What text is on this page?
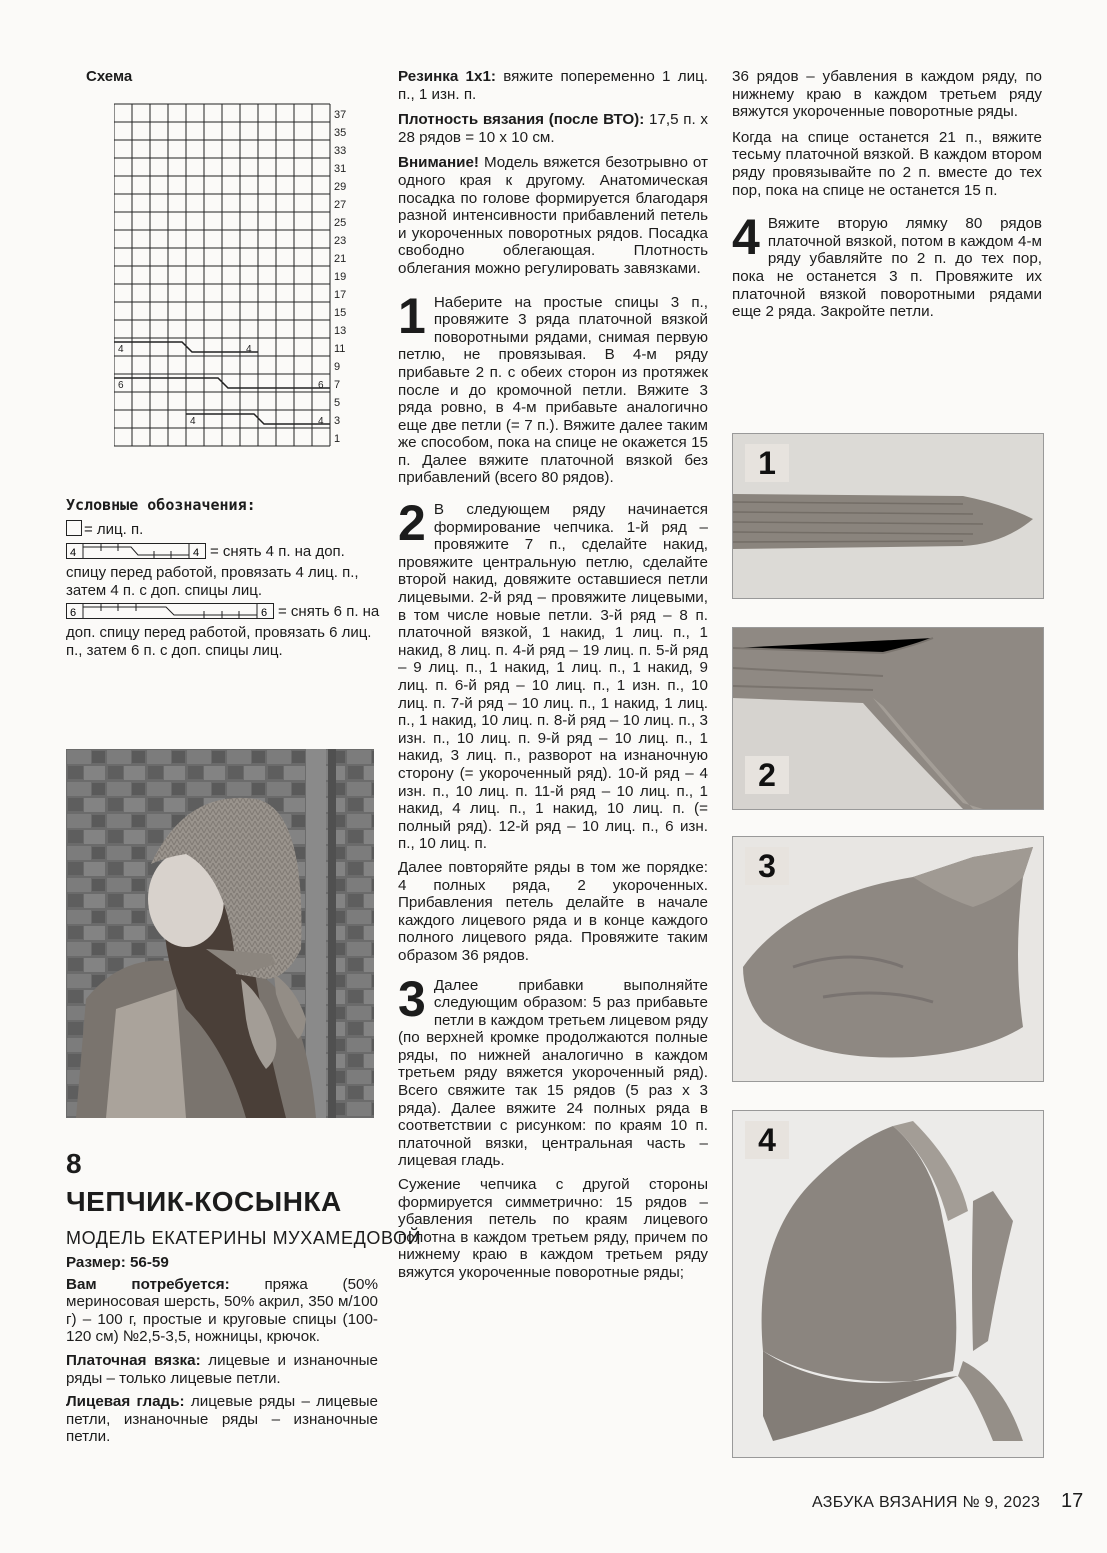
Схема
37
35
33
31
29
27
25
23
21
19
17
15
13
11
9
7
5
3
1
4	4
6	6
4	4
Условные обозначения:
= лиц. п.
4	4 = снять 4 п. на доп. спицу перед работой, провязать 4 лиц. п., затем 4 п. с доп. спицы лиц.
6	6 = снять 6 п. на доп. спицу перед работой, провязать 6 лиц. п., затем 6 п. с доп. спицы лиц.
8
ЧЕПЧИК-КОСЫНКА
МОДЕЛЬ ЕКАТЕРИНЫ МУХАМЕДОВОЙ

Размер: 56-59

Вам потребуется: пряжа (50% мериносовая шерсть, 50% акрил, 350 м/100 г) – 100 г, простые и круговые спицы (100-120 см) №2,5-3,5, ножницы, крючок.

Платочная вязка: лицевые и изнаночные ряды – только лицевые петли.

Лицевая гладь: лицевые ряды – лицевые петли, изнаночные ряды – изнаночные петли.

Резинка 1x1: вяжите попеременно 1 лиц. п., 1 изн. п.

Плотность вязания (после ВТО): 17,5 п. х 28 рядов = 10 х 10 см.

Внимание! Модель вяжется безотрывно от одного края к другому. Анатомическая посадка по голове формируется благодаря разной интенсивности прибавлений петель и укороченных поворотных рядов. Посадка свободно облегающая. Плотность облегания можно регулировать завязками.

1 Наберите на простые спицы 3 п., провяжите 3 ряда платочной вязкой поворотными рядами, снимая первую петлю, не провязывая. В 4-м ряду прибавьте 2 п. с обеих сторон из протяжек после и до кромочной петли. Вяжите 3 ряда ровно, в 4-м прибавьте аналогично еще две петли (= 7 п.). Вяжите далее таким же способом, пока на спице не окажется 15 п. Далее вяжите платочной вязкой без прибавлений (всего 80 рядов).

2 В следующем ряду начинается формирование чепчика. 1-й ряд – провяжите 7 п., сделайте накид, провяжите центральную петлю, сделайте второй накид, довяжите оставшиеся петли лицевыми. 2-й ряд – провяжите лицевыми, в том числе новые петли. 3-й ряд – 8 п. платочной вязкой, 1 накид, 1 лиц. п., 1 накид, 8 лиц. п. 4-й ряд – 19 лиц. п. 5-й ряд – 9 лиц. п., 1 накид, 1 лиц. п., 1 накид, 9 лиц. п. 6-й ряд – 10 лиц. п., 1 изн. п., 10 лиц. п. 7-й ряд – 10 лиц. п., 1 накид, 1 лиц. п., 1 накид, 10 лиц. п. 8-й ряд – 10 лиц. п., 3 изн. п., 10 лиц. п. 9-й ряд – 10 лиц. п., 1 накид, 3 лиц. п., разворот на изнаночную сторону (= укороченный ряд). 10-й ряд – 4 изн. п., 10 лиц. п. 11-й ряд – 10 лиц. п., 1 накид, 4 лиц. п., 1 накид, 10 лиц. п. (= полный ряд). 12-й ряд – 10 лиц. п., 6 изн. п., 10 лиц. п.

Далее повторяйте ряды в том же порядке: 4 полных ряда, 2 укороченных. Прибавления петель делайте в начале каждого лицевого ряда и в конце каждого полного лицевого ряда. Провяжите таким образом 36 рядов.

3 Далее прибавки выполняйте следующим образом: 5 раз прибавьте петли в каждом третьем лицевом ряду (по верхней кромке продолжаются полные ряды, по нижней аналогично в каждом третьем ряду вяжется укороченный ряд). Всего свяжите так 15 рядов (5 раз х 3 ряда). Далее вяжите 24 полных ряда в соответствии с рисунком: по краям 10 п. платочной вязки, центральная часть – лицевая гладь.

Сужение чепчика с другой стороны формируется симметрично: 15 рядов – убавления петель по краям лицевого полотна в каждом третьем ряду, причем по нижнему краю в каждом третьем ряду вяжутся укороченные поворотные ряды;

36 рядов – убавления в каждом ряду, по нижнему краю в каждом третьем ряду вяжутся укороченные поворотные ряды.

Когда на спице останется 21 п., вяжите тесьму платочной вязкой. В каждом втором ряду провязывайте по 2 п. вместе до тех пор, пока на спице не останется 15 п.

4 Вяжите вторую лямку 80 рядов платочной вязкой, потом в каждом 4-м ряду убавляйте по 2 п. до тех пор, пока не останется 3 п. Провяжите их платочной вязкой поворотными рядами еще 2 ряда. Закройте петли.

1
2
3
4
АЗБУКА ВЯЗАНИЯ № 9, 2023 17
